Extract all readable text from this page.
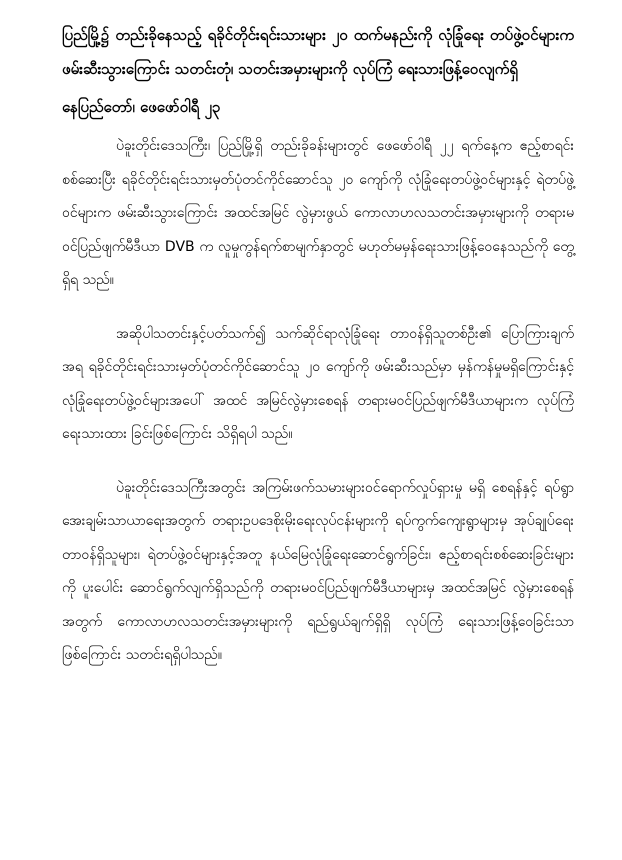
ပြည်မြို့၌ တည်းခိုနေသည့် ရခိုင်တိုင်းရင်းသားများ ၂၀ ထက်မနည်းကို လုံခြုံရေး တပ်ဖွဲ့ဝင်များက ဖမ်းဆီးသွားကြောင်း သတင်းတုံ၊ သတင်းအမှားများကို လုပ်ကြံ ရေးသားဖြန့်ဝေလျက်ရှိ
နေပြည်တော်၊ ဖေဖော်ဝါရီ ၂၃

ပဲခူးတိုင်းဒေသကြီး၊ ပြည်မြို့ရှိ တည်းခိုခန်းများတွင် ဖေဖော်ဝါရီ ၂၂ ရက်နေ့က ဧည့်စာရင်းစစ်ဆေးပြီး ရခိုင်တိုင်းရင်းသားမှတ်ပုံတင်ကိုင်ဆောင်သူ ၂၀ ကျော်ကို လုံခြုံရေးတပ်ဖွဲ့ဝင်များနှင့် ရဲတပ်ဖွဲ့ဝင်များက ဖမ်းဆီးသွားကြောင်း အထင်အမြင် လွဲမှားဖွယ် ကောလာဟလသတင်းအမှားများကို တရားမဝင်ပြည်ဖျက်မီဒီယာ DVB က လူမှုကွန်ရက်စာမျက်နှာတွင် မဟုတ်မမှန်ရေးသားဖြန့်ဝေနေသည်ကို တွေ့ရှိရ သည်။

အဆိုပါသတင်းနှင့်ပတ်သက်၍ သက်ဆိုင်ရာလုံခြုံရေး တာဝန်ရှိသူတစ်ဦး၏ ပြောကြားချက်အရ ရခိုင်တိုင်းရင်းသားမှတ်ပုံတင်ကိုင်ဆောင်သူ ၂၀ ကျော်ကို ဖမ်းဆီးသည်မှာ မှန်ကန်မှုမရှိကြောင်းနှင့် လုံခြုံရေးတပ်ဖွဲ့ဝင်များအပေါ် အထင် အမြင်လွဲမှားစေရန် တရားမဝင်ပြည်ဖျက်မီဒီယာများက လုပ်ကြံရေးသားထား ခြင်းဖြစ်ကြောင်း သိရှိရပါ သည်။

ပဲခူးတိုင်းဒေသကြီးအတွင်း အကြမ်းဖက်သမားများဝင်ရောက်လှုပ်ရှားမှု မရှိ စေရန်နှင့် ရပ်ရွာအေးချမ်းသာယာရေးအတွက် တရားဥပဒေစိုးမိုးရေးလုပ်ငန်းများကို ရပ်ကွက်ကျေးရွာများမှ အုပ်ချုပ်ရေးတာဝန်ရှိသူများ၊ ရဲတပ်ဖွဲ့ဝင်များနှင့်အတူ နယ်မြေလုံခြုံရေးဆောင်ရွက်ခြင်း၊ ဧည့်စာရင်းစစ်ဆေးခြင်းများကို ပူးပေါင်း ဆောင်ရွက်လျက်ရှိသည်ကို တရားမဝင်ပြည်ဖျက်မီဒီယာများမှ အထင်အမြင် လွဲမှားစေရန်အတွက် ကောလာဟလသတင်းအမှားများကို ရည်ရွယ်ချက်ရှိရှိ လုပ်ကြံ ရေးသားဖြန့်ဝေခြင်းသာဖြစ်ကြောင်း သတင်းရရှိပါသည်။
